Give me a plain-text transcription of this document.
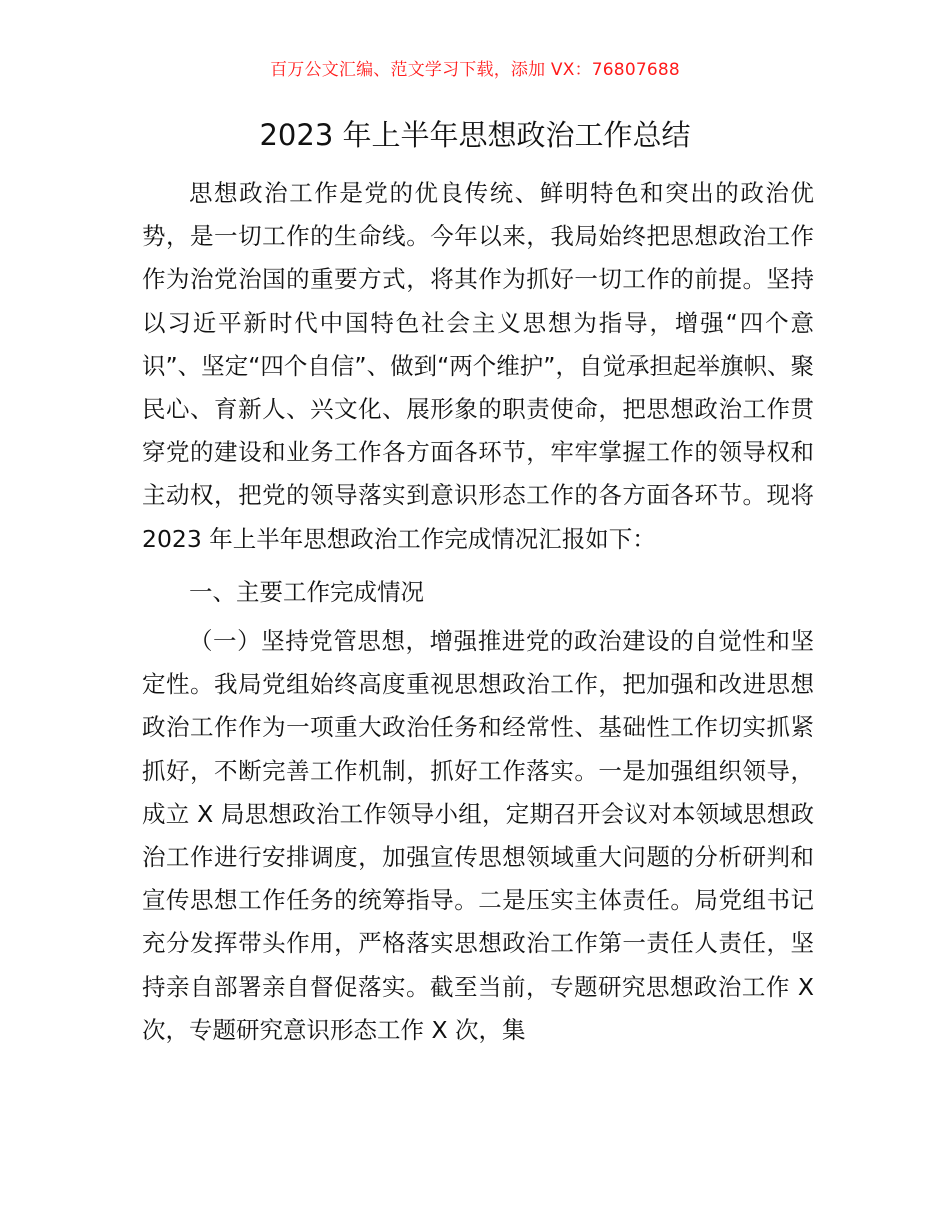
百万公文汇编、范文学习下载，添加 VX：76807688
2023 年上半年思想政治工作总结

思想政治工作是党的优良传统、鲜明特色和突出的政治优势，是一切工作的生命线。今年以来，我局始终把思想政治工作作为治党治国的重要方式，将其作为抓好一切工作的前提。坚持以习近平新时代中国特色社会主义思想为指导，增强“四个意识”、坚定“四个自信”、做到“两个维护”，自觉承担起举旗帜、聚民心、育新人、兴文化、展形象的职责使命，把思想政治工作贯穿党的建设和业务工作各方面各环节，牢牢掌握工作的领导权和主动权，把党的领导落实到意识形态工作的各方面各环节。现将 2023 年上半年思想政治工作完成情况汇报如下：

一、主要工作完成情况

（一）坚持党管思想，增强推进党的政治建设的自觉性和坚定性。我局党组始终高度重视思想政治工作，把加强和改进思想政治工作作为一项重大政治任务和经常性、基础性工作切实抓紧抓好，不断完善工作机制，抓好工作落实。一是加强组织领导，成立 X 局思想政治工作领导小组，定期召开会议对本领域思想政治工作进行安排调度，加强宣传思想领域重大问题的分析研判和宣传思想工作任务的统筹指导。二是压实主体责任。局党组书记充分发挥带头作用，严格落实思想政治工作第一责任人责任，坚持亲自部署亲自督促落实。截至当前，专题研究思想政治工作 X 次，专题研究意识形态工作 X 次，集
